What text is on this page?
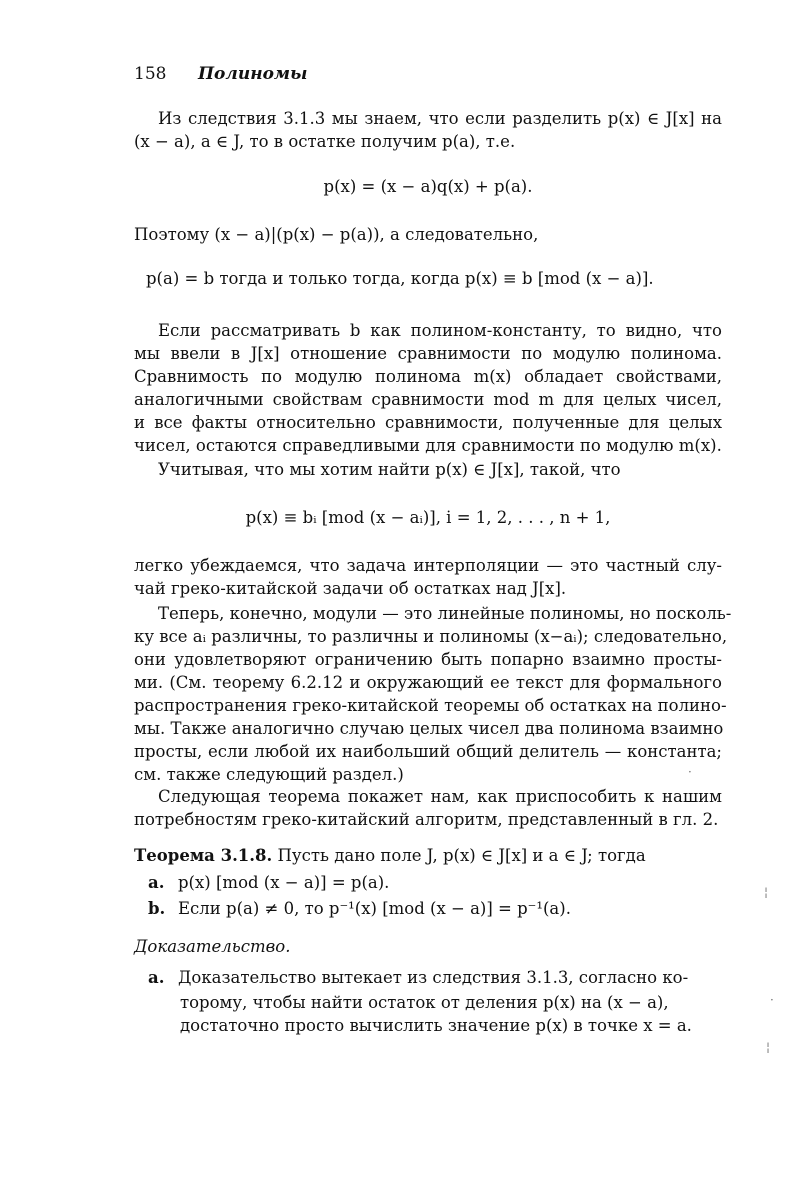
158 Полиномы
Из следствия 3.1.3 мы знаем, что если разделить p(x) ∈ J[x] на
(x − a), a ∈ J, то в остатке получим p(a), т.е.
p(x) = (x − a)q(x) + p(a).
Поэтому (x − a)|(p(x) − p(a)), а следовательно,
p(a) = b тогда и только тогда, когда p(x) ≡ b [mod (x − a)].
Если рассматривать b как полином-константу, то видно, что
мы ввели в J[x] отношение сравнимости по модулю полинома.
Сравнимость по модулю полинома m(x) обладает свойствами,
аналогичными свойствам сравнимости mod m для целых чисел,
и все факты относительно сравнимости, полученные для целых
чисел, остаются справедливыми для сравнимости по модулю m(x).
Учитывая, что мы хотим найти p(x) ∈ J[x], такой, что
p(x) ≡ bᵢ [mod (x − aᵢ)], i = 1, 2, . . . , n + 1,
легко убеждаемся, что задача интерполяции — это частный слу-
чай греко-китайской задачи об остатках над J[x].
Теперь, конечно, модули — это линейные полиномы, но посколь-
ку все aᵢ различны, то различны и полиномы (x−aᵢ); следовательно,
они удовлетворяют ограничению быть попарно взаимно просты-
ми. (См. теорему 6.2.12 и окружающий ее текст для формального
распространения греко-китайской теоремы об остатках на полино-
мы. Также аналогично случаю целых чисел два полинома взаимно
просты, если любой их наибольший общий делитель — константа;
см. также следующий раздел.)
Следующая теорема покажет нам, как приспособить к нашим
потребностям греко-китайский алгоритм, представленный в гл. 2.
Теорема 3.1.8. Пусть дано поле J, p(x) ∈ J[x] и a ∈ J; тогда
a. p(x) [mod (x − a)] = p(a).
b. Если p(a) ≠ 0, то p⁻¹(x) [mod (x − a)] = p⁻¹(a).
Доказательство.
a. Доказательство вытекает из следствия 3.1.3, согласно ко-
торому, чтобы найти остаток от деления p(x) на (x − a),
достаточно просто вычислить значение p(x) в точке x = a.
·
¦
·
¦
